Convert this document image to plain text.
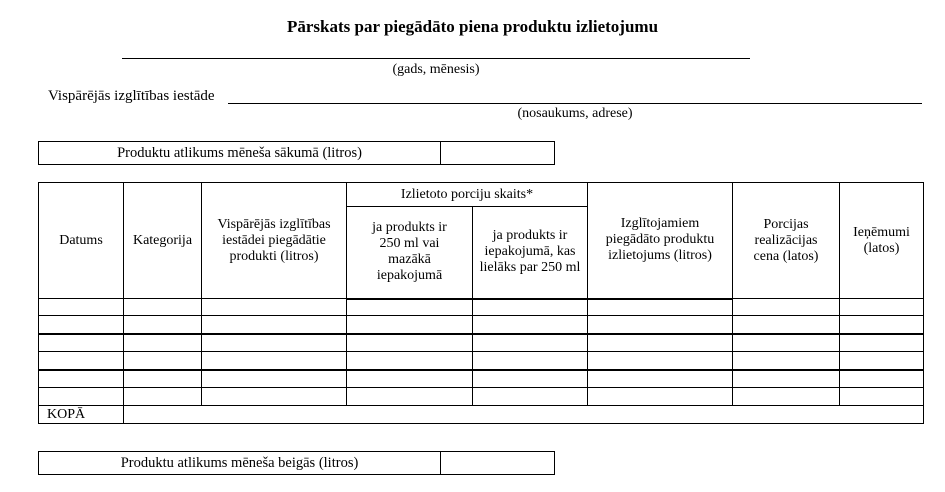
Pārskats par piegādāto piena produktu izlietojumu
(gads, mēnesis)
Vispārējās izglītības iestāde
(nosaukums, adrese)
Produktu atlikums mēneša sākumā (litros)	
Datums	Kategorija	Vispārējās izglītības iestādei piegādātie produkti (litros)	Izlietoto porciju skaits*		Izglītojamiem piegādāto produktu izlietojums (litros)	Porcijas realizācijas cena (latos)	Ieņēmumi (latos)

			ja produkts ir 250 ml vai mazākā iepakojumā	ja produkts ir iepakojumā, kas lielāks par 250 ml			

KOPĀ							
Produktu atlikums mēneša beigās (litros)	
